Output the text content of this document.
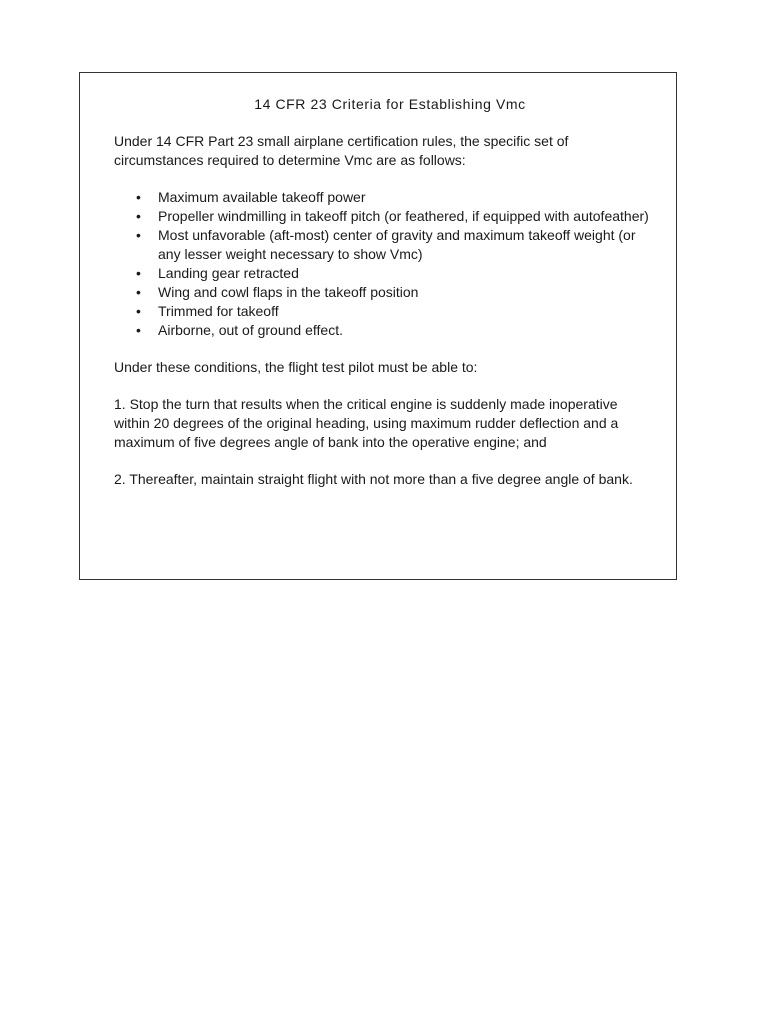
14 CFR 23 Criteria for Establishing Vmc

Under 14 CFR Part 23 small airplane certification rules, the specific set of circumstances required to determine Vmc are as follows:

• Maximum available takeoff power
• Propeller windmilling in takeoff pitch (or feathered, if equipped with autofeather)
• Most unfavorable (aft-most) center of gravity and maximum takeoff weight (or any lesser weight necessary to show Vmc)
• Landing gear retracted
• Wing and cowl flaps in the takeoff position
• Trimmed for takeoff
• Airborne, out of ground effect.

Under these conditions, the flight test pilot must be able to:

1. Stop the turn that results when the critical engine is suddenly made inoperative within 20 degrees of the original heading, using maximum rudder deflection and a maximum of five degrees angle of bank into the operative engine; and

2. Thereafter, maintain straight flight with not more than a five degree angle of bank.
